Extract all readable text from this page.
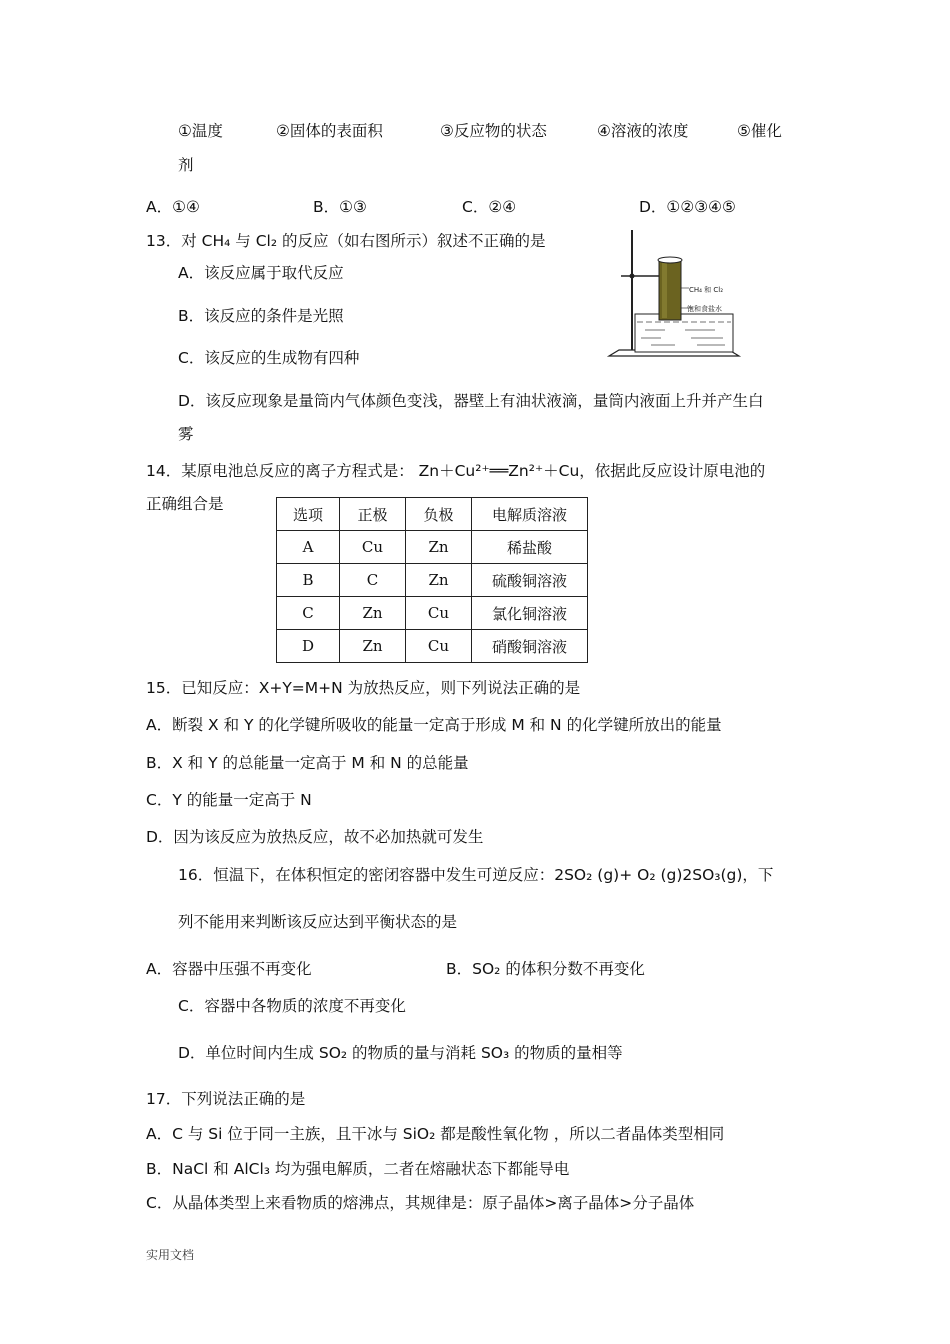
①温度	②固体的表面积	③反应物的状态	④溶液的浓度	⑤催化
剂
A．①④	B．①③	C．②④	D．①②③④⑤
13．对 CH₄ 与 Cl₂ 的反应（如右图所示）叙述不正确的是
A．该反应属于取代反应
B．该反应的条件是光照
C．该反应的生成物有四种
D．该反应现象是量筒内气体颜色变浅，器壁上有油状液滴，量筒内液面上升并产生白
雾
CH₄ 和 Cl₂
饱和食盐水
14．某原电池总反应的离子方程式是： Zn＋Cu²⁺══Zn²⁺＋Cu，依据此反应设计原电池的
正确组合是
选项	正极	负极	电解质溶液
A	Cu	Zn	稀盐酸
B	C	Zn	硫酸铜溶液
C	Zn	Cu	氯化铜溶液
D	Zn	Cu	硝酸铜溶液
15．已知反应：X+Y=M+N 为放热反应，则下列说法正确的是
A．断裂 X 和 Y 的化学键所吸收的能量一定高于形成 M 和 N 的化学键所放出的能量
B．X 和 Y 的总能量一定高于 M 和 N 的总能量
C．Y 的能量一定高于 N
D．因为该反应为放热反应，故不必加热就可发生
16．恒温下，在体积恒定的密闭容器中发生可逆反应：2SO₂ (g)+ O₂ (g)2SO₃(g)，下
列不能用来判断该反应达到平衡状态的是
A．容器中压强不再变化	B．SO₂ 的体积分数不再变化
C．容器中各物质的浓度不再变化
D．单位时间内生成 SO₂ 的物质的量与消耗 SO₃ 的物质的量相等
17．下列说法正确的是
A．C 与 Si 位于同一主族，且干冰与 SiO₂ 都是酸性氧化物 ，所以二者晶体类型相同
B．NaCl 和 AlCl₃ 均为强电解质，二者在熔融状态下都能导电
C．从晶体类型上来看物质的熔沸点，其规律是：原子晶体>离子晶体>分子晶体
实用文档
